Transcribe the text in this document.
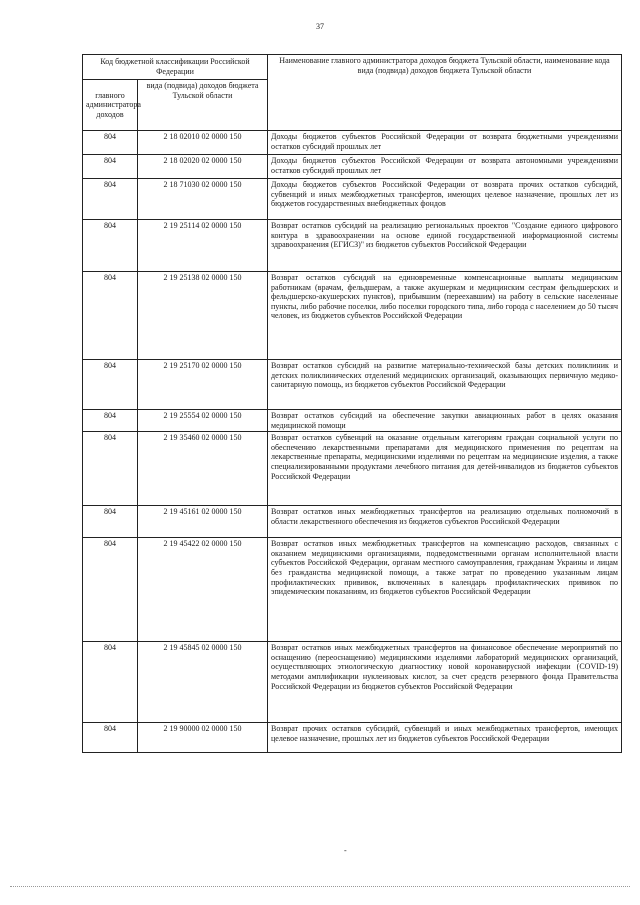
37
Код бюджетной классификации Российской Федерации		Наименование главного администратора доходов бюджета Тульской области, наименование кода вида (подвида) доходов бюджета Тульской области
главного администратора доходов	вида (подвида) доходов бюджета Тульской области	
804	2 18 02010 02 0000 150	Доходы бюджетов субъектов Российской Федерации от возврата бюджетными учреждениями остатков субсидий прошлых лет
804	2 18 02020 02 0000 150	Доходы бюджетов субъектов Российской Федерации от возврата автономными учреждениями остатков субсидий прошлых лет
804	2 18 71030 02 0000 150	Доходы бюджетов субъектов Российской Федерации от возврата прочих остатков субсидий, субвенций и иных межбюджетных трансфертов, имеющих целевое назначение, прошлых лет из бюджетов государственных внебюджетных фондов
804	2 19 25114 02 0000 150	Возврат остатков субсидий на реализацию региональных проектов "Создание единого цифрового контура в здравоохранении на основе единой государственной информационной системы здравоохранения (ЕГИСЗ)" из бюджетов субъектов Российской Федерации
804	2 19 25138 02 0000 150	Возврат остатков субсидий на единовременные компенсационные выплаты медицинским работникам (врачам, фельдшерам, а также акушеркам и медицинским сестрам фельдшерских и фельдшерско-акушерских пунктов), прибывшим (переехавшим) на работу в сельские населенные пункты, либо рабочие поселки, либо поселки городского типа, либо города с населением до 50 тысяч человек, из бюджетов субъектов Российской Федерации
804	2 19 25170 02 0000 150	Возврат остатков субсидий на развитие материально-технической базы детских поликлиник и детских поликлинических отделений медицинских организаций, оказывающих первичную медико-санитарную помощь, из бюджетов субъектов Российской Федерации
804	2 19 25554 02 0000 150	Возврат остатков субсидий на обеспечение закупки авиационных работ в целях оказания медицинской помощи
804	2 19 35460 02 0000 150	Возврат остатков субвенций на оказание отдельным категориям граждан социальной услуги по обеспечению лекарственными препаратами для медицинского применения по рецептам на лекарственные препараты, медицинскими изделиями по рецептам на медицинские изделия, а также специализированными продуктами лечебного питания для детей-инвалидов из бюджетов субъектов Российской Федерации
804	2 19 45161 02 0000 150	Возврат остатков иных межбюджетных трансфертов на реализацию отдельных полномочий в области лекарственного обеспечения из бюджетов субъектов Российской Федерации
804	2 19 45422 02 0000 150	Возврат остатков иных межбюджетных трансфертов на компенсацию расходов, связанных с оказанием медицинскими организациями, подведомственными органам исполнительной власти субъектов Российской Федерации, органам местного самоуправления, гражданам Украины и лицам без гражданства медицинской помощи, а также затрат по проведению указанным лицам профилактических прививок, включенных в календарь профилактических прививок по эпидемическим показаниям, из бюджетов субъектов Российской Федерации
804	2 19 45845 02 0000 150	Возврат остатков иных межбюджетных трансфертов на финансовое обеспечение мероприятий по оснащению (переоснащению) медицинскими изделиями лабораторий медицинских организаций, осуществляющих этиологическую диагностику новой коронавирусной инфекции (COVID-19) методами амплификации нуклеиновых кислот, за счет средств резервного фонда Правительства Российской Федерации из бюджетов субъектов Российской Федерации
804	2 19 90000 02 0000 150	Возврат прочих остатков субсидий, субвенций и иных межбюджетных трансфертов, имеющих целевое назначение, прошлых лет из бюджетов субъектов Российской Федерации
-
